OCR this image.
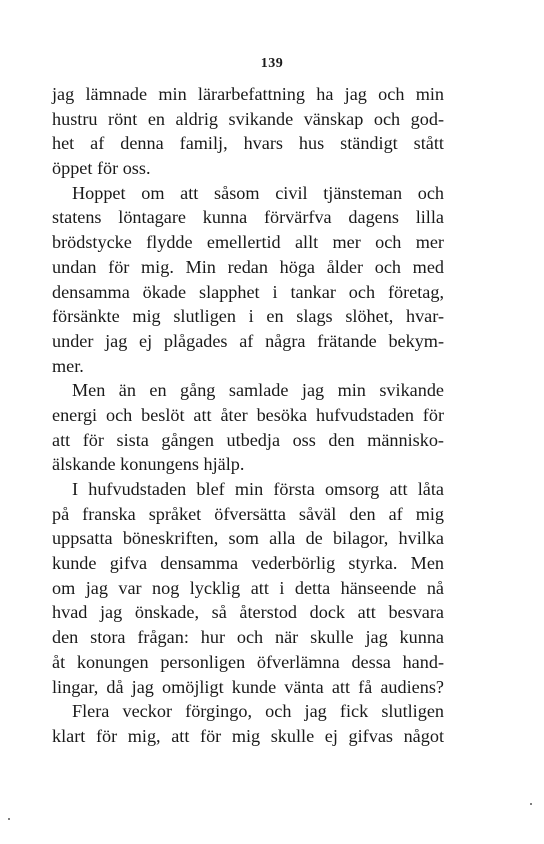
139
jag lämnade min lärarbefattning ha jag och min
hustru rönt en aldrig svikande vänskap och god-
het af denna familj, hvars hus ständigt stått
öppet för oss.
Hoppet om att såsom civil tjänsteman och
statens löntagare kunna förvärfva dagens lilla
brödstycke flydde emellertid allt mer och mer
undan för mig. Min redan höga ålder och med
densamma ökade slapphet i tankar och företag,
försänkte mig slutligen i en slags slöhet, hvar-
under jag ej plågades af några frätande bekym-
mer.
Men än en gång samlade jag min svikande
energi och beslöt att åter besöka hufvudstaden för
att för sista gången utbedja oss den människo-
älskande konungens hjälp.
I hufvudstaden blef min första omsorg att låta
på franska språket öfversätta såväl den af mig
uppsatta böneskriften, som alla de bilagor, hvilka
kunde gifva densamma vederbörlig styrka. Men
om jag var nog lycklig att i detta hänseende nå
hvad jag önskade, så återstod dock att besvara
den stora frågan: hur och när skulle jag kunna
åt konungen personligen öfverlämna dessa hand-
lingar, då jag omöjligt kunde vänta att få audiens?
Flera veckor förgingo, och jag fick slutligen
klart för mig, att för mig skulle ej gifvas något
